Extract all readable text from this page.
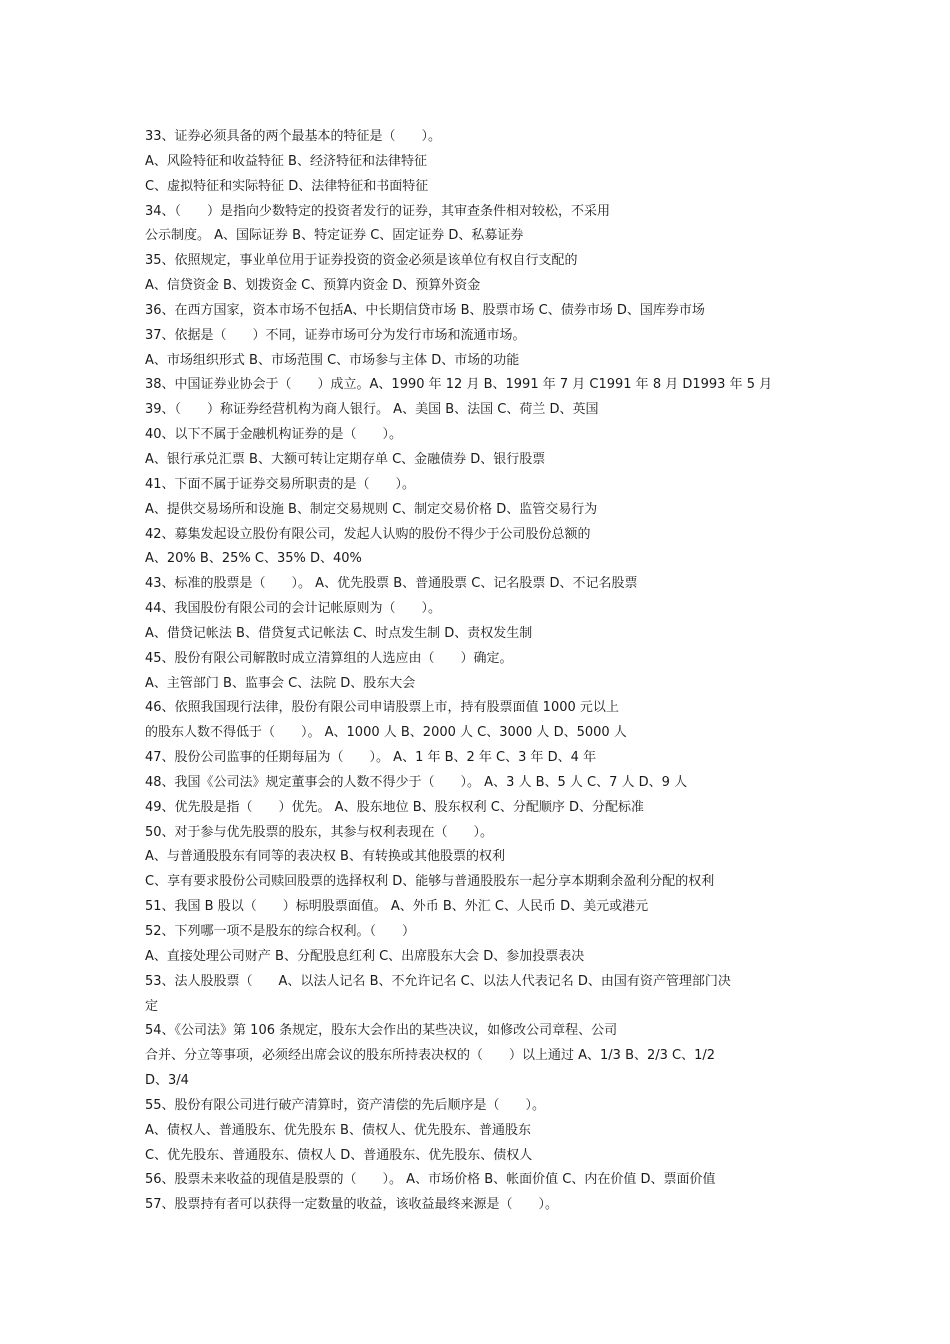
33、证券必须具备的两个最基本的特征是（　　）。
A、风险特征和收益特征 B、经济特征和法律特征
C、虚拟特征和实际特征 D、法律特征和书面特征
34、（　　）是指向少数特定的投资者发行的证券，其审查条件相对较松，不采用
公示制度。 A、国际证券 B、特定证券 C、固定证券 D、私募证券
35、依照规定，事业单位用于证券投资的资金必须是该单位有权自行支配的
A、信贷资金 B、划拨资金 C、预算内资金 D、预算外资金
36、在西方国家，资本市场不包括A、中长期信贷市场 B、股票市场 C、债券市场 D、国库券市场
37、依据是（　　）不同，证券市场可分为发行市场和流通市场。
A、市场组织形式 B、市场范围 C、市场参与主体 D、市场的功能
38、中国证券业协会于（　　）成立。A、1990 年 12 月 B、1991 年 7 月 C1991 年 8 月 D1993 年 5 月
39、（　　）称证券经营机构为商人银行。 A、美国 B、法国 C、荷兰 D、英国
40、以下不属于金融机构证券的是（　　）。
A、银行承兑汇票 B、大额可转让定期存单 C、金融债券 D、银行股票
41、下面不属于证券交易所职责的是（　　）。
A、提供交易场所和设施 B、制定交易规则 C、制定交易价格 D、监管交易行为
42、募集发起设立股份有限公司，发起人认购的股份不得少于公司股份总额的
A、20% B、25% C、35% D、40%
43、标准的股票是（　　）。 A、优先股票 B、普通股票 C、记名股票 D、不记名股票
44、我国股份有限公司的会计记帐原则为（　　）。
A、借贷记帐法 B、借贷复式记帐法 C、时点发生制 D、责权发生制
45、股份有限公司解散时成立清算组的人选应由（　　）确定。
A、主管部门 B、监事会 C、法院 D、股东大会
46、依照我国现行法律，股份有限公司申请股票上市，持有股票面值 1000 元以上
的股东人数不得低于（　　）。 A、1000 人 B、2000 人 C、3000 人 D、5000 人
47、股份公司监事的任期每届为（　　）。 A、1 年 B、2 年 C、3 年 D、4 年
48、我国《公司法》规定董事会的人数不得少于（　　）。 A、3 人 B、5 人 C、7 人 D、9 人
49、优先股是指（　　）优先。 A、股东地位 B、股东权利 C、分配顺序 D、分配标准
50、对于参与优先股票的股东，其参与权利表现在（　　）。
A、与普通股股东有同等的表决权 B、有转换或其他股票的权利
C、享有要求股份公司赎回股票的选择权利 D、能够与普通股股东一起分享本期剩余盈利分配的权利
51、我国 B 股以（　　）标明股票面值。 A、外币 B、外汇 C、人民币 D、美元或港元
52、下列哪一项不是股东的综合权利。（　　）
A、直接处理公司财产 B、分配股息红利 C、出席股东大会 D、参加投票表决
53、法人股股票（　　A、以法人记名 B、不允许记名 C、以法人代表记名 D、由国有资产管理部门决
定
54、《公司法》第 106 条规定，股东大会作出的某些决议，如修改公司章程、公司
合并、分立等事项，必须经出席会议的股东所持表决权的（　　）以上通过 A、1/3 B、2/3 C、1/2
D、3/4
55、股份有限公司进行破产清算时，资产清偿的先后顺序是（　　）。
A、债权人、普通股东、优先股东 B、债权人、优先股东、普通股东
C、优先股东、普通股东、债权人 D、普通股东、优先股东、债权人
56、股票未来收益的现值是股票的（　　）。 A、市场价格 B、帐面价值 C、内在价值 D、票面价值
57、股票持有者可以获得一定数量的收益，该收益最终来源是（　　）。
